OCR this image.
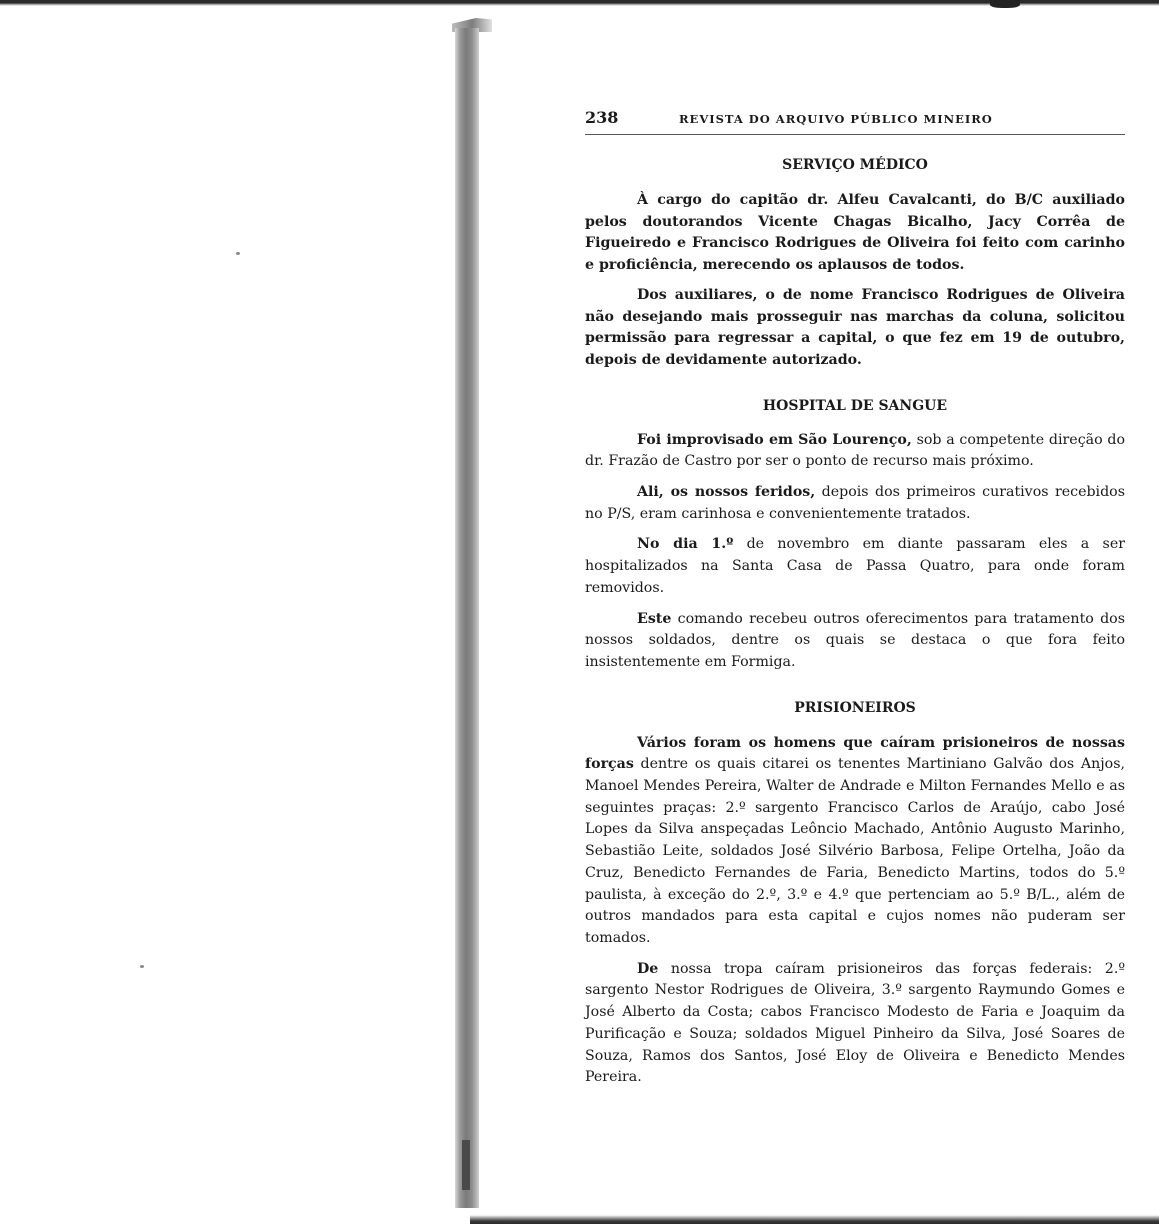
238	REVISTA DO ARQUIVO PÚBLICO MINEIRO
SERVIÇO MÉDICO

À cargo do capitão dr. Alfeu Cavalcanti, do B/C auxiliado pelos doutorandos Vicente Chagas Bicalho, Jacy Corrêa de Figueiredo e Francisco Rodrigues de Oliveira foi feito com carinho e proficiência, merecendo os aplausos de todos.

Dos auxiliares, o de nome Francisco Rodrigues de Oliveira não desejando mais prosseguir nas marchas da coluna, solicitou permissão para regressar a capital, o que fez em 19 de outubro, depois de devidamente autorizado.

HOSPITAL DE SANGUE

Foi improvisado em São Lourenço, sob a competente direção do dr. Frazão de Castro por ser o ponto de recurso mais próximo.

Ali, os nossos feridos, depois dos primeiros curativos recebidos no P/S, eram carinhosa e convenientemente tratados.

No dia 1.º de novembro em diante passaram eles a ser hospitalizados na Santa Casa de Passa Quatro, para onde foram removidos.

Este comando recebeu outros oferecimentos para tratamento dos nossos soldados, dentre os quais se destaca o que fora feito insistentemente em Formiga.

PRISIONEIROS

Vários foram os homens que caíram prisioneiros de nossas forças dentre os quais citarei os tenentes Martiniano Galvão dos Anjos, Manoel Mendes Pereira, Walter de Andrade e Milton Fernandes Mello e as seguintes praças: 2.º sargento Francisco Carlos de Araújo, cabo José Lopes da Silva anspeçadas Leôncio Machado, Antônio Augusto Marinho, Sebastião Leite, soldados José Silvério Barbosa, Felipe Ortelha, João da Cruz, Benedicto Fernandes de Faria, Benedicto Martins, todos do 5.º paulista, à exceção do 2.º, 3.º e 4.º que pertenciam ao 5.º B/L., além de outros mandados para esta capital e cujos nomes não puderam ser tomados.

De nossa tropa caíram prisioneiros das forças federais: 2.º sargento Nestor Rodrigues de Oliveira, 3.º sargento Raymundo Gomes e José Alberto da Costa; cabos Francisco Modesto de Faria e Joaquim da Purificação e Souza; soldados Miguel Pinheiro da Silva, José Soares de Souza, Ramos dos Santos, José Eloy de Oliveira e Benedicto Mendes Pereira.
